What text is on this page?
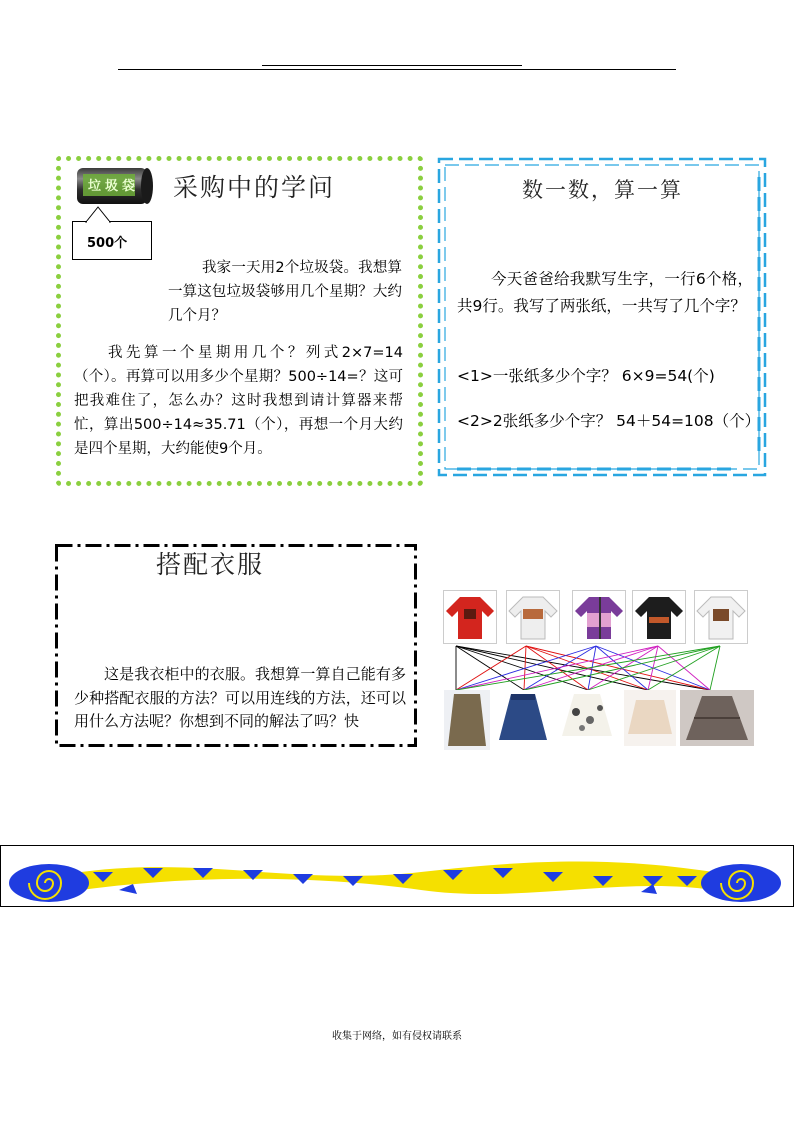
垃圾袋
500个
采购中的学问

我家一天用2个垃圾袋。我想算一算这包垃圾袋够用几个星期？大约几个月？

我先算一个星期用几个？列式2×7=14（个）。再算可以用多少个星期？500÷14=？这可把我难住了，怎么办？这时我想到请计算器来帮忙，算出500÷14≈35.71（个），再想一个月大约是四个星期，大约能使9个月。

数一数，算一算

今天爸爸给我默写生字，一行6个格，共9行。我写了两张纸，一共写了几个字？

<1>一张纸多少个字？ 6×9=54(个)

<2>2张纸多少个字？ 54＋54=108（个）

搭配衣服

这是我衣柜中的衣服。我想算一算自己能有多少种搭配衣服的方法？可以用连线的方法，还可以用什么方法呢？你想到不同的解法了吗？快

收集于网络，如有侵权请联系
